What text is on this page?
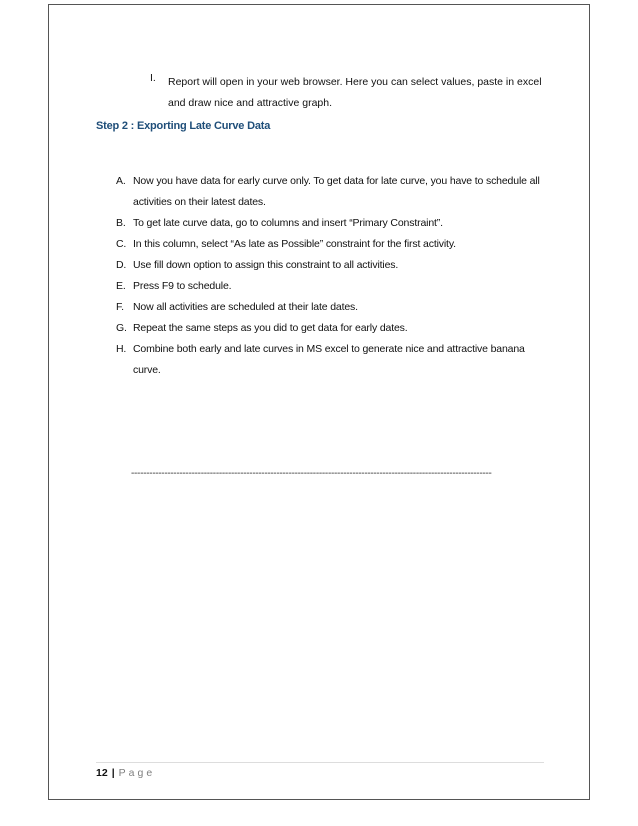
I. Report will open in your web browser. Here you can select values, paste in excel and draw nice and attractive graph.
Step 2 : Exporting Late Curve Data
A. Now you have data for early curve only. To get data for late curve, you have to schedule all activities on their latest dates.
B. To get late curve data, go to columns and insert “Primary Constraint”.
C. In this column, select “As late as Possible” constraint for the first activity.
D. Use fill down option to assign this constraint to all activities.
E. Press F9 to schedule.
F. Now all activities are scheduled at their late dates.
G. Repeat the same steps as you did to get data for early dates.
H. Combine both early and late curves in MS excel to generate nice and attractive banana curve.
-----------------------------------------------------------------------------------------------------------------------
12 | Page
